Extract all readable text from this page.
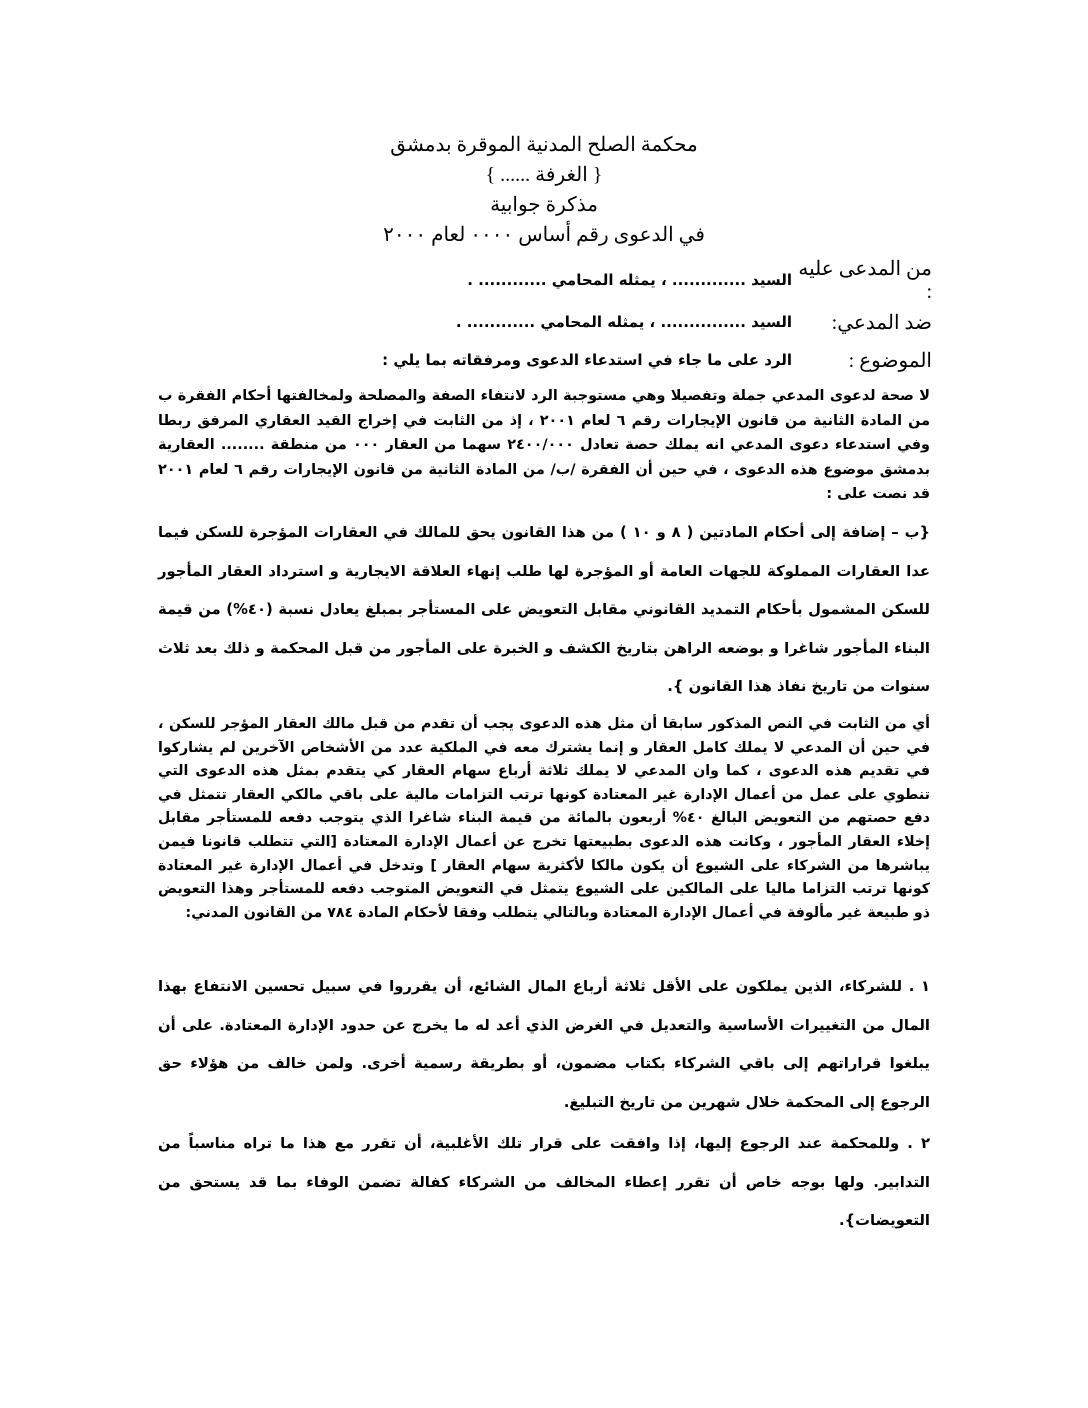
محكمة الصلح المدنية الموقرة بدمشق
{ الغرفة ...... }
مذكرة جوابية
في الدعوى رقم أساس ٠٠٠٠ لعام ٢٠٠٠
من المدعى عليه :
السيد ............. ، يمثله المحامي ............ .
ضد المدعي:
السيد ............... ، يمثله المحامي ............ .
الموضوع :
الرد على ما جاء في استدعاء الدعوى ومرفقاته بما يلي :

لا صحة لدعوى المدعي جملة وتفصيلا وهي مستوجبة الرد لانتفاء الصفة والمصلحة ولمخالفتها أحكام الفقرة ب من المادة الثانية من قانون الإيجارات رقم ٦ لعام ٢٠٠١ ، إذ من الثابت في إخراج القيد العقاري المرفق ربطا وفي استدعاء دعوى المدعي انه يملك حصة تعادل ٢٤٠٠/٠٠٠ سهما من العقار ٠٠٠ من منطقة ........ العقارية بدمشق موضوع هذه الدعوى ، في حين أن الفقرة /ب/ من المادة الثانية من قانون الإيجارات رقم ٦ لعام ٢٠٠١ قد نصت على :

{ب – إضافة إلى أحكام المادتين ( ٨ و ١٠ ) من هذا القانون يحق للمالك في العقارات المؤجرة للسكن فيما عدا العقارات المملوكة للجهات العامة أو المؤجرة لها طلب إنهاء العلاقة الايجارية و استرداد العقار المأجور للسكن المشمول بأحكام التمديد القانوني مقابل التعويض على المستأجر بمبلغ يعادل نسبة (٤٠%) من قيمة البناء المأجور شاغرا و بوضعه الراهن بتاريخ الكشف و الخبرة على المأجور من قبل المحكمة و ذلك بعد ثلاث سنوات من تاريخ نفاذ هذا القانون }.

أي من الثابت في النص المذكور سابقا أن مثل هذه الدعوى يجب أن تقدم من قبل مالك العقار المؤجر للسكن ، في حين أن المدعي لا يملك كامل العقار و إنما يشترك معه في الملكية عدد من الأشخاص الآخرين لم يشاركوا في تقديم هذه الدعوى ، كما وان المدعي لا يملك ثلاثة أرباع سهام العقار كي يتقدم بمثل هذه الدعوى التي تنطوي على عمل من أعمال الإدارة غير المعتادة كونها ترتب التزامات مالية على باقي مالكي العقار تتمثل في دفع حصتهم من التعويض البالغ ٤٠% أربعون بالمائة من قيمة البناء شاغرا الذي يتوجب دفعه للمستأجر مقابل إخلاء العقار المأجور ، وكانت هذه الدعوى بطبيعتها تخرج عن أعمال الإدارة المعتادة [التي تتطلب قانونا فيمن يباشرها من الشركاء على الشيوع أن يكون مالكا لأكثرية سهام العقار ] وتدخل في أعمال الإدارة غير المعتادة كونها ترتب التزاما ماليا على المالكين على الشيوع يتمثل في التعويض المتوجب دفعه للمستأجر وهذا التعويض ذو طبيعة غير مألوفة في أعمال الإدارة المعتادة وبالتالي يتطلب وفقا لأحكام المادة ٧٨٤ من القانون المدني:

١ . للشركاء، الذين يملكون على الأقل ثلاثة أرباع المال الشائع، أن يقرروا في سبيل تحسين الانتفاع بهذا المال من التغييرات الأساسية والتعديل في الغرض الذي أعد له ما يخرج عن حدود الإدارة المعتادة. على أن يبلغوا قراراتهم إلى باقي الشركاء بكتاب مضمون، أو بطريقة رسمية أخرى. ولمن خالف من هؤلاء حق الرجوع إلى المحكمة خلال شهرين من تاريخ التبليغ.

٢ . وللمحكمة عند الرجوع إليها، إذا وافقت على قرار تلك الأغلبية، أن تقرر مع هذا ما تراه مناسباً من التدابير. ولها بوجه خاص أن تقرر إعطاء المخالف من الشركاء كفالة تضمن الوفاء بما قد يستحق من التعويضات}.
